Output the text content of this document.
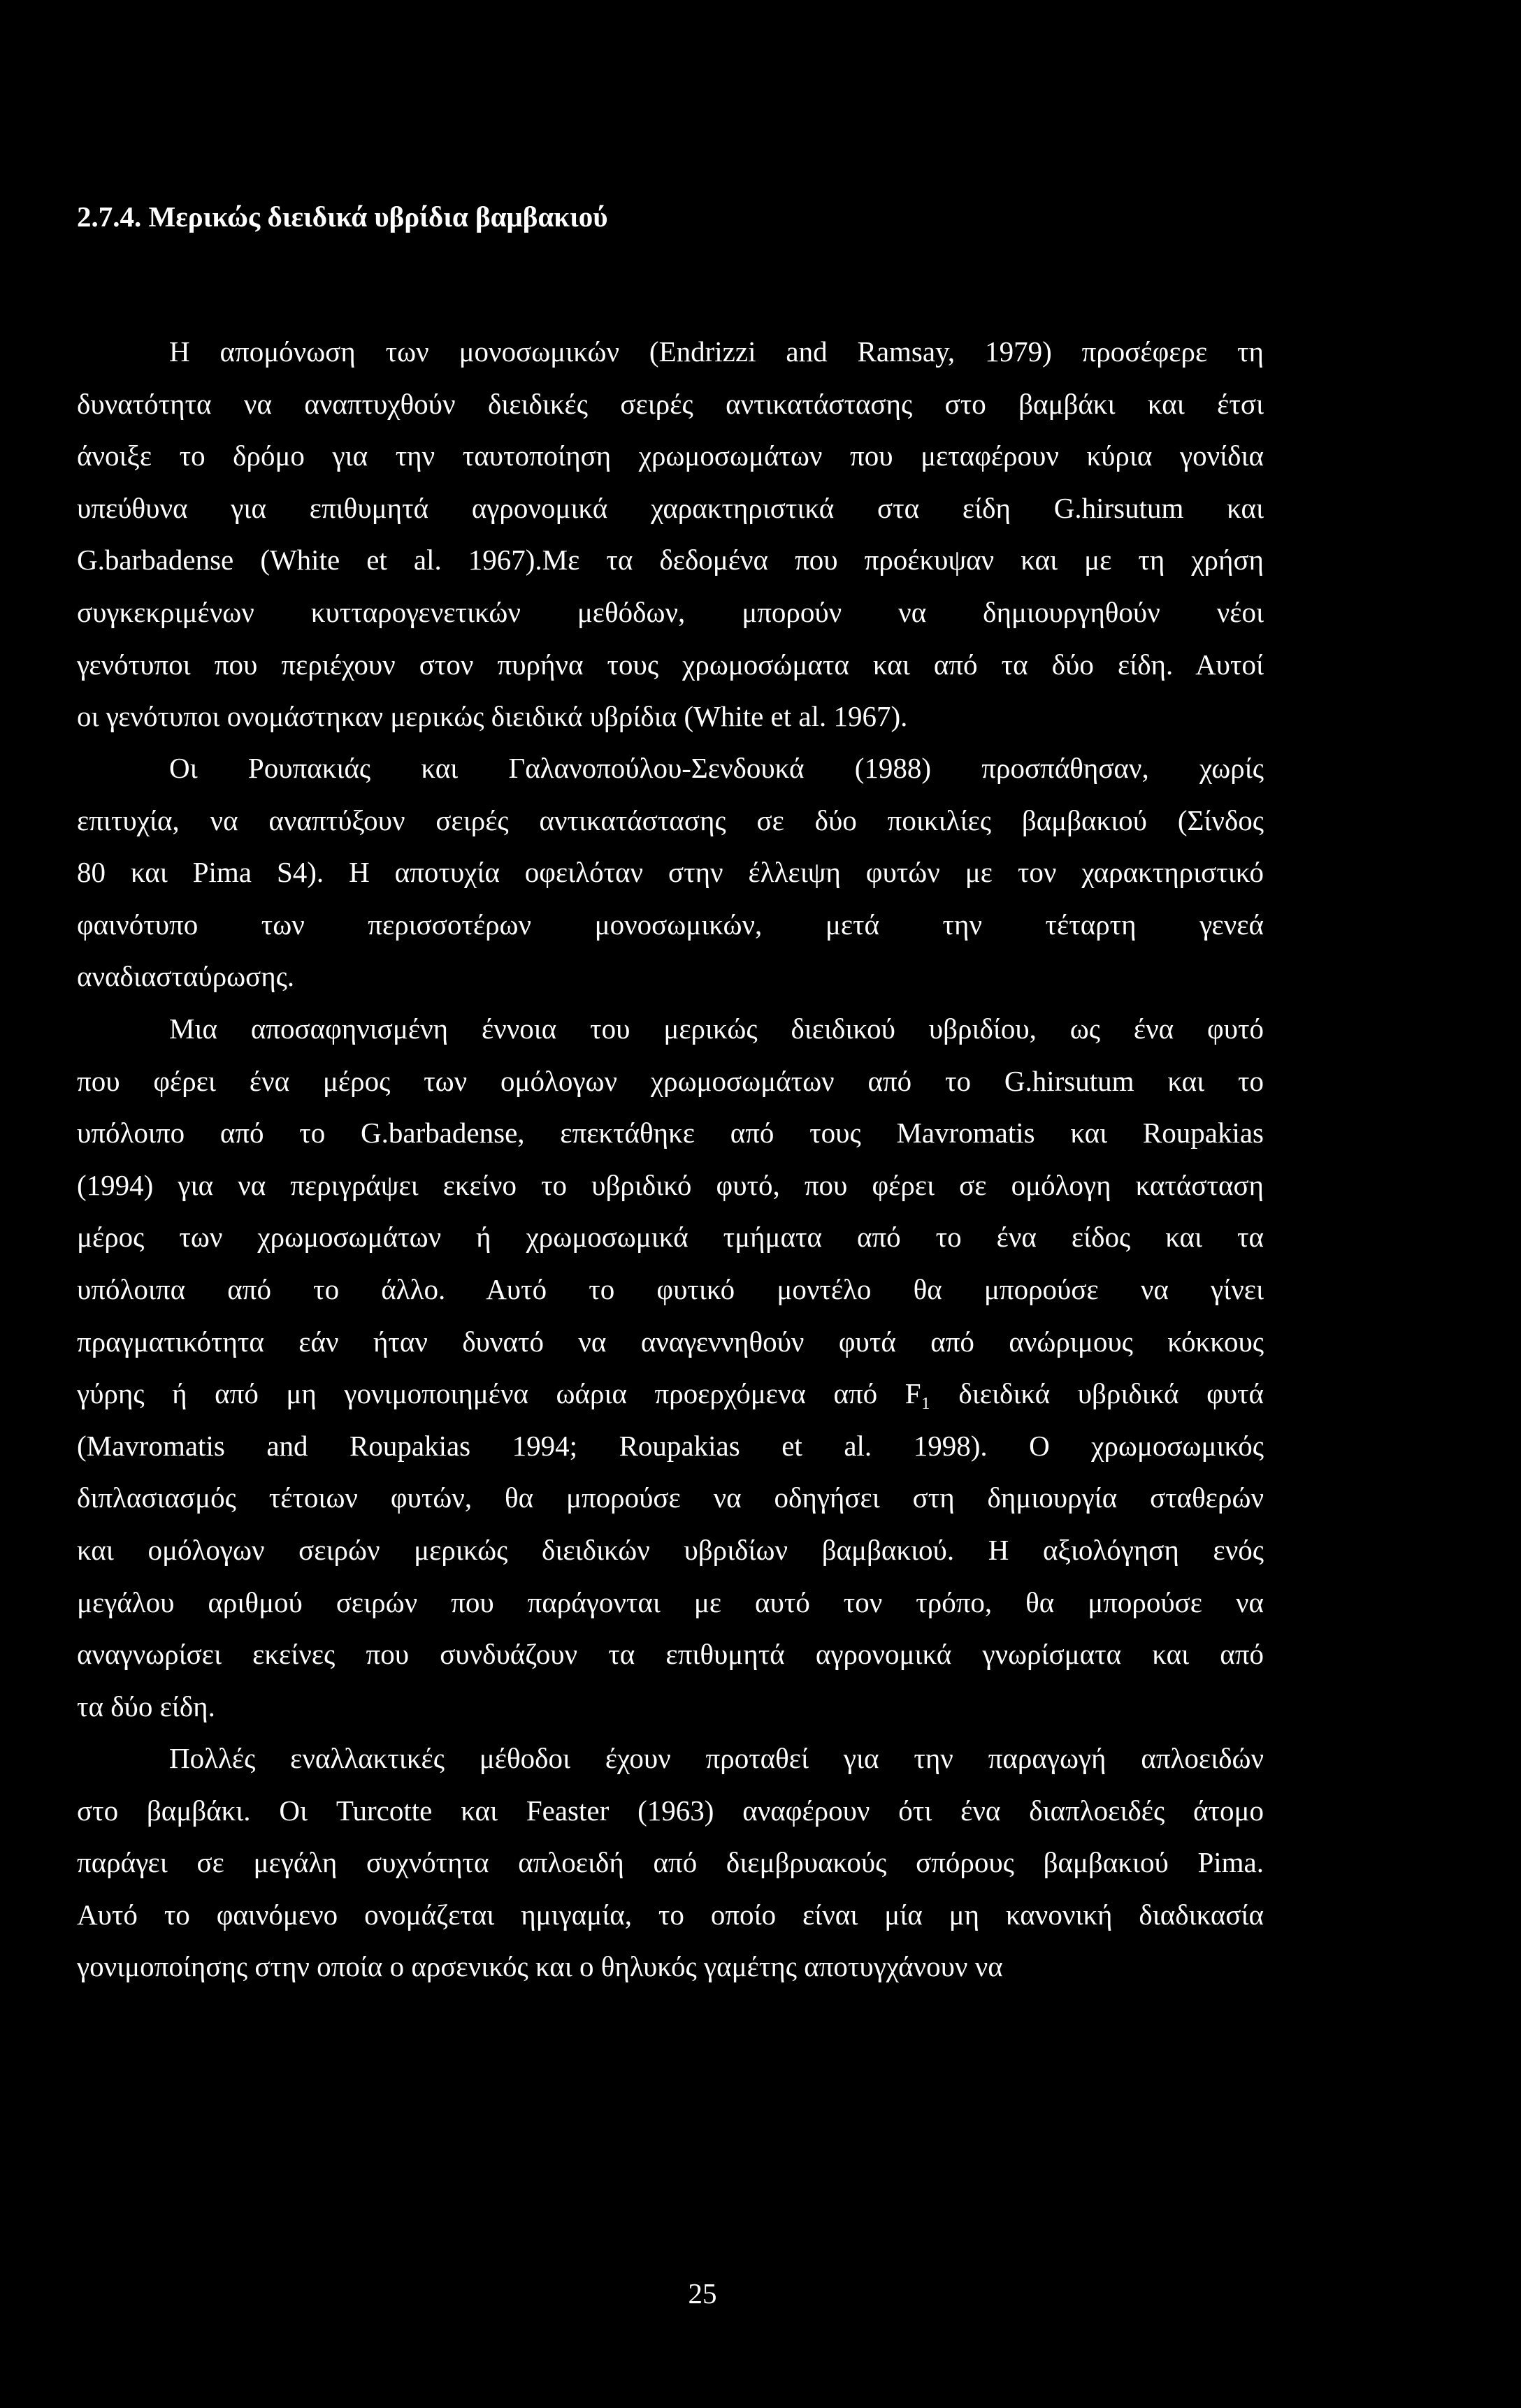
2.7.4. Μερικώς διειδικά υβρίδια βαμβακιού
Η απομόνωση των μονοσωμικών (Endrizzi and Ramsay, 1979) προσέφερε τη
δυνατότητα να αναπτυχθούν διειδικές σειρές αντικατάστασης στο βαμβάκι και έτσι
άνοιξε το δρόμο για την ταυτοποίηση χρωμοσωμάτων που μεταφέρουν κύρια γονίδια
υπεύθυνα για επιθυμητά αγρονομικά χαρακτηριστικά στα είδη G.hirsutum και
G.barbadense (White et al. 1967).Με τα δεδομένα που προέκυψαν και με τη χρήση
συγκεκριμένων κυτταρογενετικών μεθόδων, μπορούν να δημιουργηθούν νέοι
γενότυποι που περιέχουν στον πυρήνα τους χρωμοσώματα και από τα δύο είδη. Αυτοί
οι γενότυποι ονομάστηκαν μερικώς διειδικά υβρίδια (White et al. 1967).
Οι Ρουπακιάς και Γαλανοπούλου-Σενδουκά (1988) προσπάθησαν, χωρίς
επιτυχία, να αναπτύξουν σειρές αντικατάστασης σε δύο ποικιλίες βαμβακιού (Σίνδος
80 και Pima S4). Η αποτυχία οφειλόταν στην έλλειψη φυτών με τον χαρακτηριστικό
φαινότυπο των περισσοτέρων μονοσωμικών, μετά την τέταρτη γενεά
αναδιασταύρωσης.
Μια αποσαφηνισμένη έννοια του μερικώς διειδικού υβριδίου, ως ένα φυτό
που φέρει ένα μέρος των ομόλογων χρωμοσωμάτων από το G.hirsutum και το
υπόλοιπο από το G.barbadense, επεκτάθηκε από τους Mavromatis και Roupakias
(1994) για να περιγράψει εκείνο το υβριδικό φυτό, που φέρει σε ομόλογη κατάσταση
μέρος των χρωμοσωμάτων ή χρωμοσωμικά τμήματα από το ένα είδος και τα
υπόλοιπα από το άλλο. Αυτό το φυτικό μοντέλο θα μπορούσε να γίνει
πραγματικότητα εάν ήταν δυνατό να αναγεννηθούν φυτά από ανώριμους κόκκους
γύρης ή από μη γονιμοποιημένα ωάρια προερχόμενα από F₁ διειδικά υβριδικά φυτά
(Mavromatis and Roupakias 1994; Roupakias et al. 1998). Ο χρωμοσωμικός
διπλασιασμός τέτοιων φυτών, θα μπορούσε να οδηγήσει στη δημιουργία σταθερών
και ομόλογων σειρών μερικώς διειδικών υβριδίων βαμβακιού. Η αξιολόγηση ενός
μεγάλου αριθμού σειρών που παράγονται με αυτό τον τρόπο, θα μπορούσε να
αναγνωρίσει εκείνες που συνδυάζουν τα επιθυμητά αγρονομικά γνωρίσματα και από
τα δύο είδη.
Πολλές εναλλακτικές μέθοδοι έχουν προταθεί για την παραγωγή απλοειδών
στο βαμβάκι. Οι Turcotte και Feaster (1963) αναφέρουν ότι ένα διαπλοειδές άτομο
παράγει σε μεγάλη συχνότητα απλοειδή από διεμβρυακούς σπόρους βαμβακιού Pima.
Αυτό το φαινόμενο ονομάζεται ημιγαμία, το οποίο είναι μία μη κανονική διαδικασία
γονιμοποίησης στην οποία ο αρσενικός και ο θηλυκός γαμέτης αποτυγχάνουν να
25
